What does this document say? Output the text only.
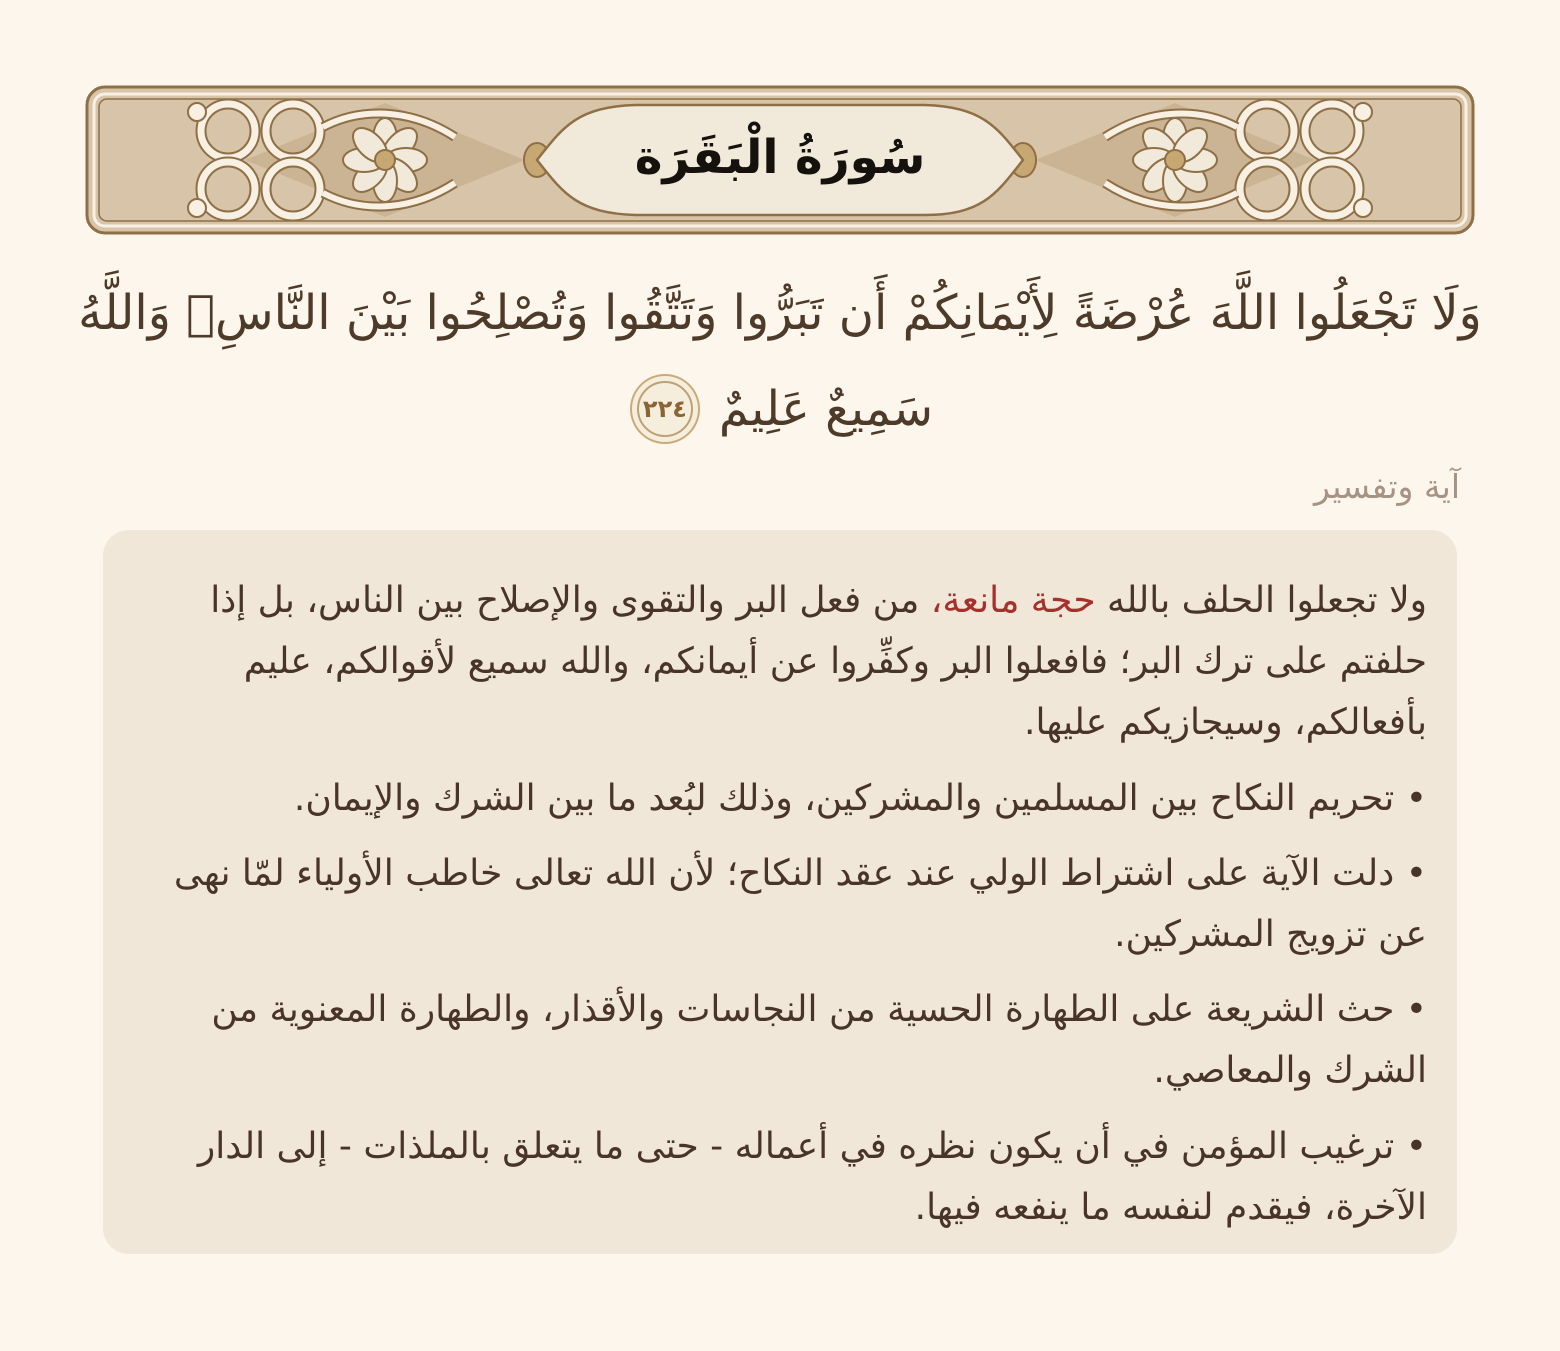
سُورَةُ الْبَقَرَة
وَلَا تَجْعَلُوا اللَّهَ عُرْضَةً لِأَيْمَانِكُمْ أَن تَبَرُّوا وَتَتَّقُوا وَتُصْلِحُوا بَيْنَ النَّاسِۚ وَاللَّهُ
سَمِيعٌ عَلِيمٌ
٢٢٤
آية وتفسير

ولا تجعلوا الحلف بالله حجة مانعة، من فعل البر والتقوى والإصلاح بين الناس، بل إذا حلفتم على ترك البر؛ فافعلوا البر وكفِّروا عن أيمانكم، والله سميع لأقوالكم، عليم بأفعالكم، وسيجازيكم عليها.

• تحريم النكاح بين المسلمين والمشركين، وذلك لبُعد ما بين الشرك والإيمان.

• دلت الآية على اشتراط الولي عند عقد النكاح؛ لأن الله تعالى خاطب الأولياء لمّا نهى عن تزويج المشركين.

• حث الشريعة على الطهارة الحسية من النجاسات والأقذار، والطهارة المعنوية من الشرك والمعاصي.

• ترغيب المؤمن في أن يكون نظره في أعماله - حتى ما يتعلق بالملذات - إلى الدار الآخرة، فيقدم لنفسه ما ينفعه فيها.
